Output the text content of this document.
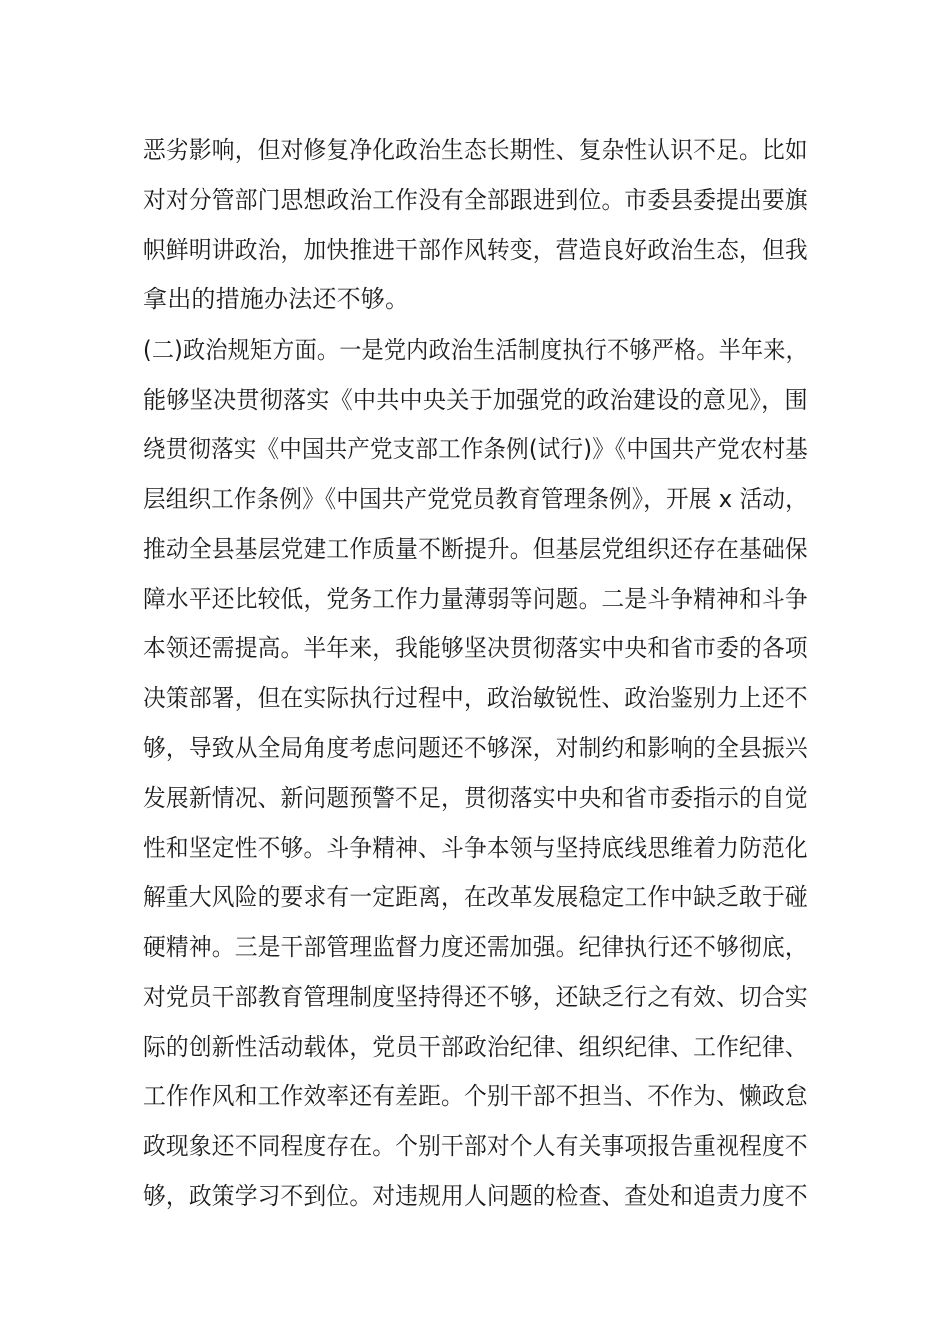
恶劣影响，但对修复净化政治生态长期性、复杂性认识不足。比如
对对分管部门思想政治工作没有全部跟进到位。市委县委提出要旗
帜鲜明讲政治，加快推进干部作风转变，营造良好政治生态，但我
拿出的措施办法还不够。
(二)政治规矩方面。一是党内政治生活制度执行不够严格。半年来，
能够坚决贯彻落实《中共中央关于加强党的政治建设的意见》，围
绕贯彻落实《中国共产党支部工作条例(试行)》《中国共产党农村基
层组织工作条例》《中国共产党党员教育管理条例》，开展 x 活动，
推动全县基层党建工作质量不断提升。但基层党组织还存在基础保
障水平还比较低，党务工作力量薄弱等问题。二是斗争精神和斗争
本领还需提高。半年来，我能够坚决贯彻落实中央和省市委的各项
决策部署，但在实际执行过程中，政治敏锐性、政治鉴别力上还不
够，导致从全局角度考虑问题还不够深，对制约和影响的全县振兴
发展新情况、新问题预警不足，贯彻落实中央和省市委指示的自觉
性和坚定性不够。斗争精神、斗争本领与坚持底线思维着力防范化
解重大风险的要求有一定距离，在改革发展稳定工作中缺乏敢于碰
硬精神。三是干部管理监督力度还需加强。纪律执行还不够彻底，
对党员干部教育管理制度坚持得还不够，还缺乏行之有效、切合实
际的创新性活动载体，党员干部政治纪律、组织纪律、工作纪律、
工作作风和工作效率还有差距。个别干部不担当、不作为、懒政怠
政现象还不同程度存在。个别干部对个人有关事项报告重视程度不
够，政策学习不到位。对违规用人问题的检查、查处和追责力度不
